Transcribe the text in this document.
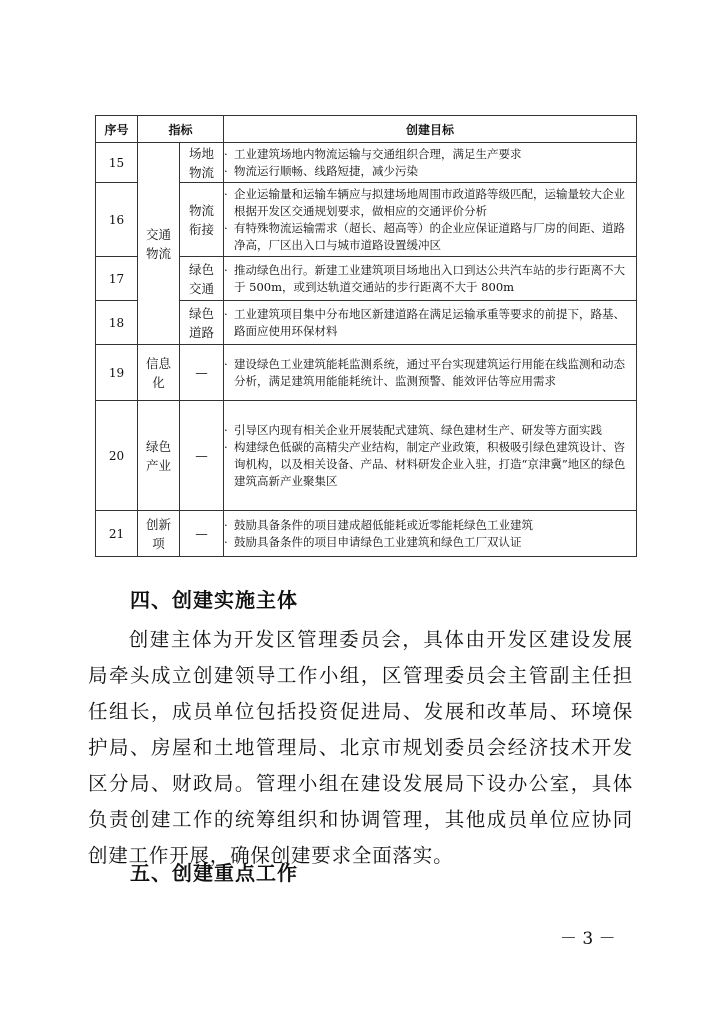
序号	指标		创建目标
15	交通物流	场地物流	· 工业建筑场地内物流运输与交通组织合理，满足生产要求
· 物流运行顺畅、线路短捷，减少污染

16		物流衔接	· 企业运输量和运输车辆应与拟建场地周围市政道路等级匹配，运输量较大企业根据开发区交通规划要求，做相应的交通评价分析
· 有特殊物流运输需求（超长、超高等）的企业应保证道路与厂房的间距、道路净高，厂区出入口与城市道路设置缓冲区

17		绿色交通	· 推动绿色出行。新建工业建筑项目场地出入口到达公共汽车站的步行距离不大于 500m，或到达轨道交通站的步行距离不大于 800m

18		绿色道路	· 工业建筑项目集中分布地区新建道路在满足运输承重等要求的前提下，路基、路面应使用环保材料

19	信息化	—	· 建设绿色工业建筑能耗监测系统，通过平台实现建筑运行用能在线监测和动态分析，满足建筑用能能耗统计、监测预警、能效评估等应用需求

20	绿色产业	—	· 引导区内现有相关企业开展装配式建筑、绿色建材生产、研发等方面实践
· 构建绿色低碳的高精尖产业结构，制定产业政策，积极吸引绿色建筑设计、咨询机构，以及相关设备、产品、材料研发企业入驻，打造“京津冀”地区的绿色建筑高新产业聚集区

21	创新项	—	· 鼓励具备条件的项目建成超低能耗或近零能耗绿色工业建筑
· 鼓励具备条件的项目申请绿色工业建筑和绿色工厂双认证
四、创建实施主体
创建主体为开发区管理委员会，具体由开发区建设发展局牵头成立创建领导工作小组，区管理委员会主管副主任担任组长，成员单位包括投资促进局、发展和改革局、环境保护局、房屋和土地管理局、北京市规划委员会经济技术开发区分局、财政局。管理小组在建设发展局下设办公室，具体负责创建工作的统筹组织和协调管理，其他成员单位应协同创建工作开展，确保创建要求全面落实。
五、创建重点工作
－ 3 －
